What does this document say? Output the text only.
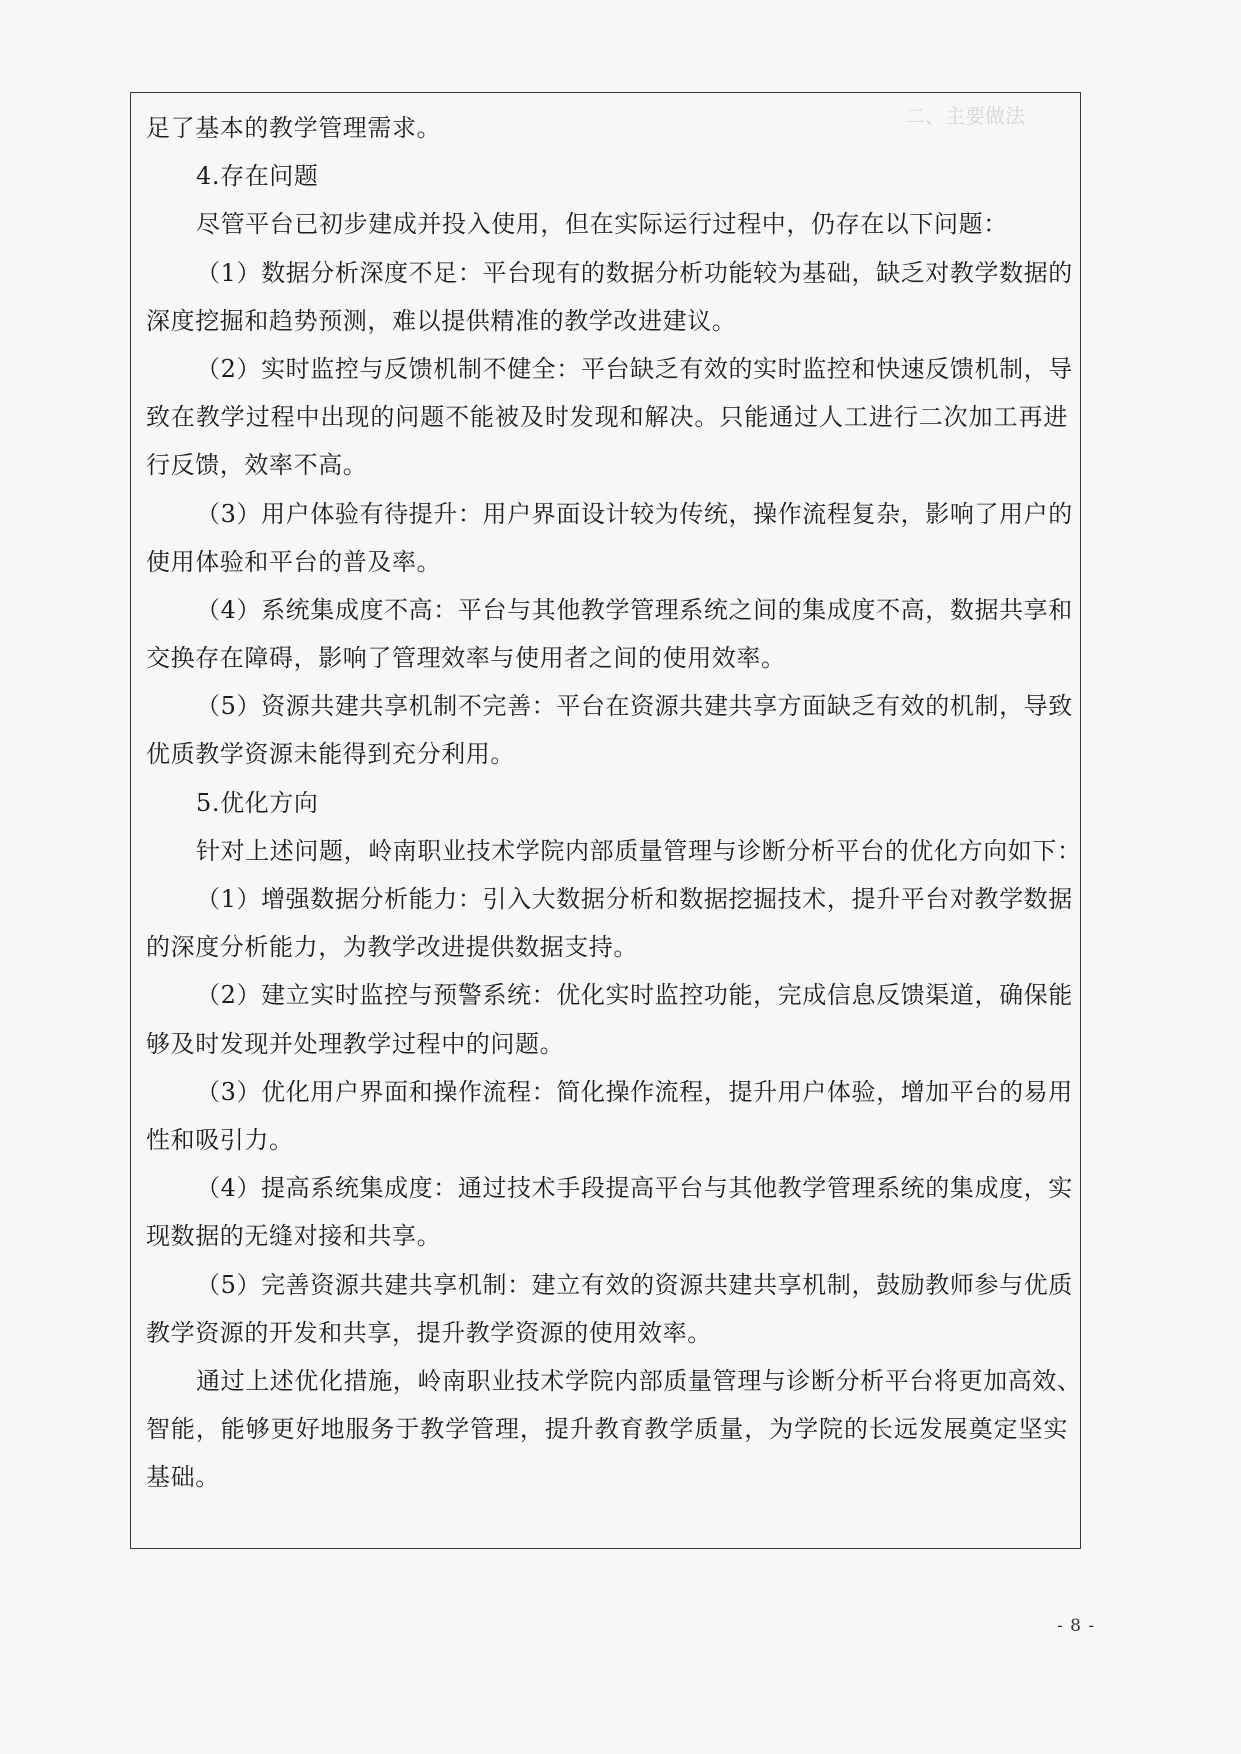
二、主要做法
足了基本的教学管理需求。
4.存在问题
尽管平台已初步建成并投入使用，但在实际运行过程中，仍存在以下问题：
（1）数据分析深度不足：平台现有的数据分析功能较为基础，缺乏对教学数据的
深度挖掘和趋势预测，难以提供精准的教学改进建议。
（2）实时监控与反馈机制不健全：平台缺乏有效的实时监控和快速反馈机制，导
致在教学过程中出现的问题不能被及时发现和解决。只能通过人工进行二次加工再进
行反馈，效率不高。
（3）用户体验有待提升：用户界面设计较为传统，操作流程复杂，影响了用户的
使用体验和平台的普及率。
（4）系统集成度不高：平台与其他教学管理系统之间的集成度不高，数据共享和
交换存在障碍，影响了管理效率与使用者之间的使用效率。
（5）资源共建共享机制不完善：平台在资源共建共享方面缺乏有效的机制，导致
优质教学资源未能得到充分利用。
5.优化方向
针对上述问题，岭南职业技术学院内部质量管理与诊断分析平台的优化方向如下：
（1）增强数据分析能力：引入大数据分析和数据挖掘技术，提升平台对教学数据
的深度分析能力，为教学改进提供数据支持。
（2）建立实时监控与预警系统：优化实时监控功能，完成信息反馈渠道，确保能
够及时发现并处理教学过程中的问题。
（3）优化用户界面和操作流程：简化操作流程，提升用户体验，增加平台的易用
性和吸引力。
（4）提高系统集成度：通过技术手段提高平台与其他教学管理系统的集成度，实
现数据的无缝对接和共享。
（5）完善资源共建共享机制：建立有效的资源共建共享机制，鼓励教师参与优质
教学资源的开发和共享，提升教学资源的使用效率。
通过上述优化措施，岭南职业技术学院内部质量管理与诊断分析平台将更加高效、
智能，能够更好地服务于教学管理，提升教育教学质量，为学院的长远发展奠定坚实
基础。
- 8 -
